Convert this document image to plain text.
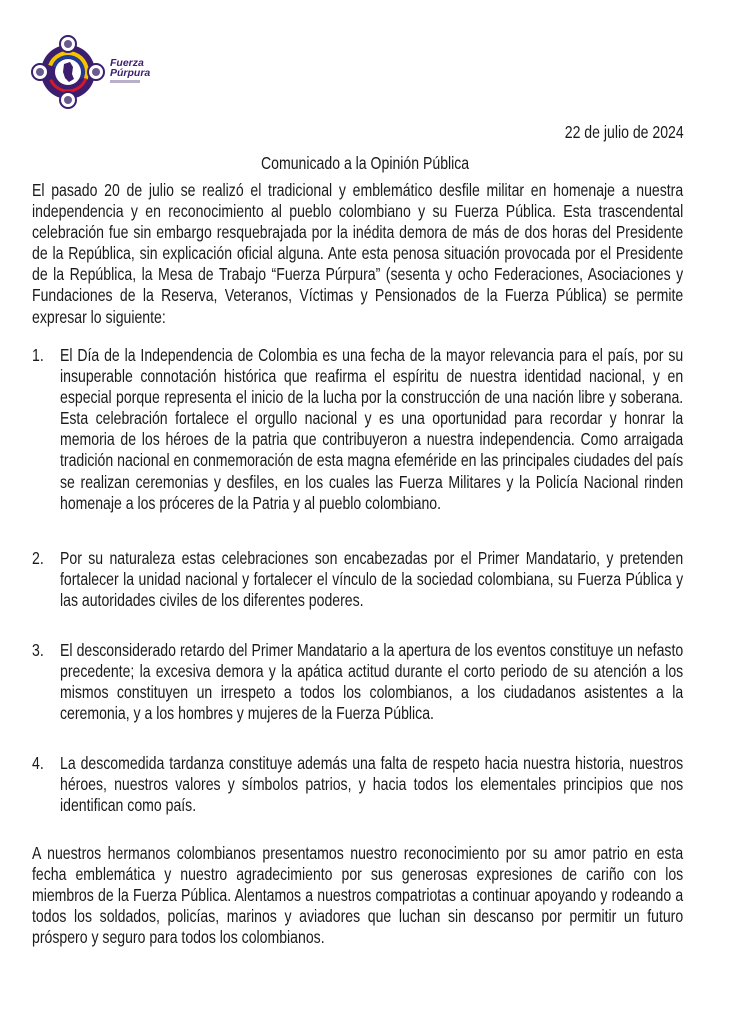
Fuerza
Púrpura
22 de julio de 2024
Comunicado a la Opinión Pública

El pasado 20 de julio se realizó el tradicional y emblemático desfile militar en homenaje a nuestra independencia y en reconocimiento al pueblo colombiano y su Fuerza Pública. Esta trascendental celebración fue sin embargo resquebrajada por la inédita demora de más de dos horas del Presidente de la República, sin explicación oficial alguna. Ante esta penosa situación provocada por el Presidente de la República, la Mesa de Trabajo “Fuerza Púrpura” (sesenta y ocho Federaciones, Asociaciones y Fundaciones de la Reserva, Veteranos, Víctimas y Pensionados de la Fuerza Pública) se permite expresar lo siguiente:

1. El Día de la Independencia de Colombia es una fecha de la mayor relevancia para el país, por su insuperable connotación histórica que reafirma el espíritu de nuestra identidad nacional, y en especial porque representa el inicio de la lucha por la construcción de una nación libre y soberana. Esta celebración fortalece el orgullo nacional y es una oportunidad para recordar y honrar la memoria de los héroes de la patria que contribuyeron a nuestra independencia. Como arraigada tradición nacional en conmemoración de esta magna efeméride en las principales ciudades del país se realizan ceremonias y desfiles, en los cuales las Fuerza Militares y la Policía Nacional rinden homenaje a los próceres de la Patria y al pueblo colombiano.

2. Por su naturaleza estas celebraciones son encabezadas por el Primer Mandatario, y pretenden fortalecer la unidad nacional y fortalecer el vínculo de la sociedad colombiana, su Fuerza Pública y las autoridades civiles de los diferentes poderes.

3. El desconsiderado retardo del Primer Mandatario a la apertura de los eventos constituye un nefasto precedente; la excesiva demora y la apática actitud durante el corto periodo de su atención a los mismos constituyen un irrespeto a todos los colombianos, a los ciudadanos asistentes a la ceremonia, y a los hombres y mujeres de la Fuerza Pública.

4. La descomedida tardanza constituye además una falta de respeto hacia nuestra historia, nuestros héroes, nuestros valores y símbolos patrios, y hacia todos los elementales principios que nos identifican como país.

A nuestros hermanos colombianos presentamos nuestro reconocimiento por su amor patrio en esta fecha emblemática y nuestro agradecimiento por sus generosas expresiones de cariño con los miembros de la Fuerza Pública. Alentamos a nuestros compatriotas a continuar apoyando y rodeando a todos los soldados, policías, marinos y aviadores que luchan sin descanso por permitir un futuro próspero y seguro para todos los colombianos.
